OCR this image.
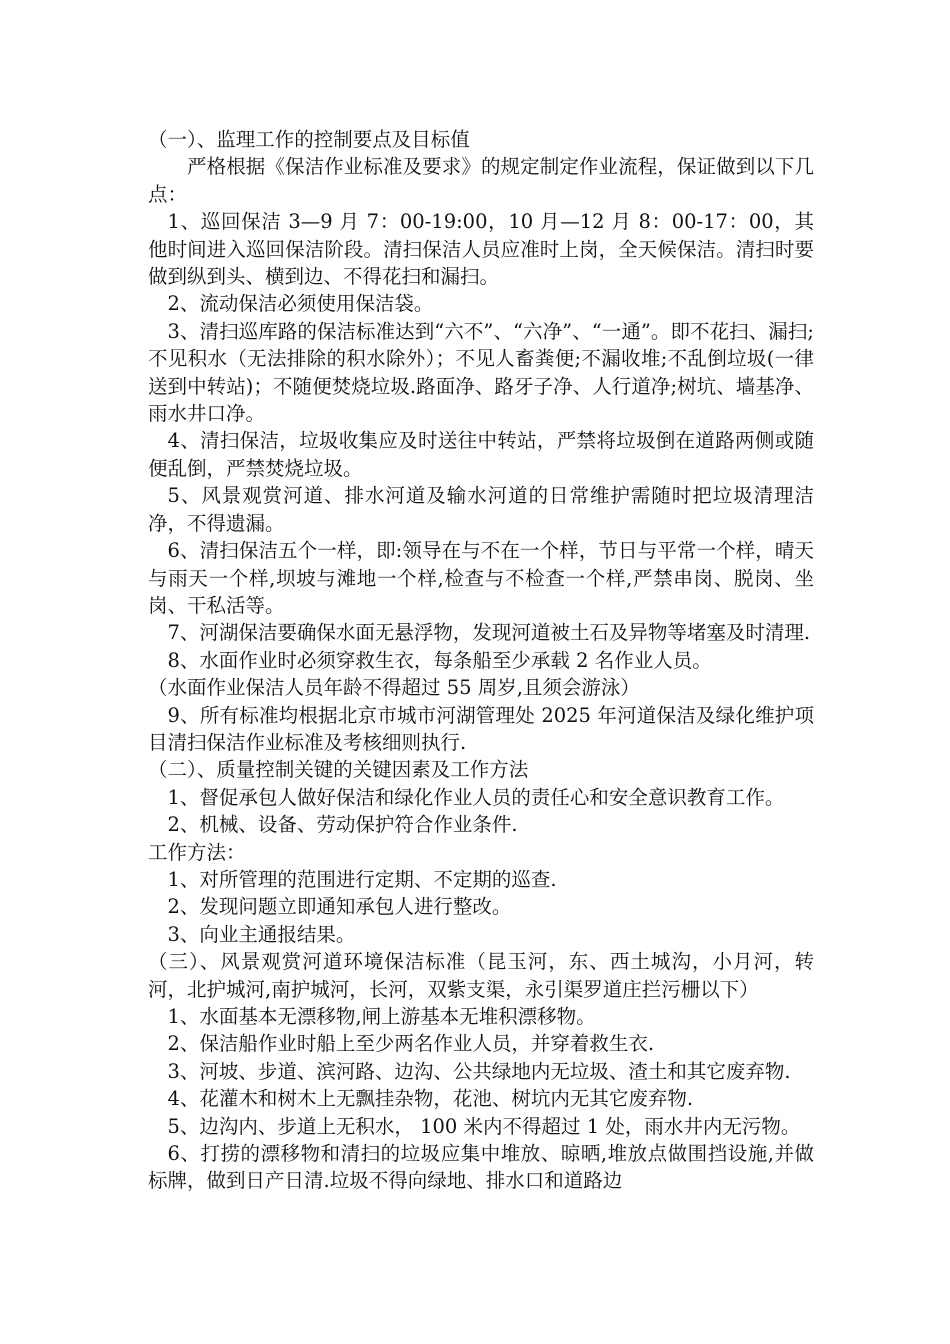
（一）、监理工作的控制要点及目标值

严格根据《保洁作业标准及要求》的规定制定作业流程，保证做到以下几点：

1、巡回保洁 3—9 月 7：00-19:00，10 月—12 月 8：00-17：00，其他时间进入巡回保洁阶段。清扫保洁人员应准时上岗，全天候保洁。清扫时要做到纵到头、横到边、不得花扫和漏扫。

2、流动保洁必须使用保洁袋。

3、清扫巡库路的保洁标准达到“六不”、“六净”、“一通”。即不花扫、漏扫;不见积水（无法排除的积水除外）；不见人畜粪便;不漏收堆;不乱倒垃圾(一律送到中转站)；不随便焚烧垃圾.路面净、路牙子净、人行道净;树坑、墙基净、雨水井口净。

4、清扫保洁，垃圾收集应及时送往中转站，严禁将垃圾倒在道路两侧或随便乱倒，严禁焚烧垃圾。

5、风景观赏河道、排水河道及输水河道的日常维护需随时把垃圾清理洁净，不得遗漏。

6、清扫保洁五个一样，即:领导在与不在一个样，节日与平常一个样，晴天与雨天一个样,坝坡与滩地一个样,检查与不检查一个样,严禁串岗、脱岗、坐岗、干私活等。

7、河湖保洁要确保水面无悬浮物，发现河道被土石及异物等堵塞及时清理.

8、水面作业时必须穿救生衣，每条船至少承载 2 名作业人员。

（水面作业保洁人员年龄不得超过 55 周岁,且须会游泳）

9、所有标准均根据北京市城市河湖管理处 2025 年河道保洁及绿化维护项目清扫保洁作业标准及考核细则执行.

（二）、质量控制关键的关键因素及工作方法

1、督促承包人做好保洁和绿化作业人员的责任心和安全意识教育工作。

2、机械、设备、劳动保护符合作业条件.

工作方法：

1、对所管理的范围进行定期、不定期的巡查.

2、发现问题立即通知承包人进行整改。

3、向业主通报结果。

（三）、风景观赏河道环境保洁标准（昆玉河，东、西土城沟，小月河，转河，北护城河,南护城河，长河，双紫支渠，永引渠罗道庄拦污栅以下）

1、水面基本无漂移物,闸上游基本无堆积漂移物。

2、保洁船作业时船上至少两名作业人员，并穿着救生衣.

3、河坡、步道、滨河路、边沟、公共绿地内无垃圾、渣土和其它废弃物.

4、花灌木和树木上无飘挂杂物，花池、树坑内无其它废弃物.

5、边沟内、步道上无积水， 100 米内不得超过 1 处，雨水井内无污物。

6、打捞的漂移物和清扫的垃圾应集中堆放、晾晒,堆放点做围挡设施,并做标牌，做到日产日清.垃圾不得向绿地、排水口和道路边
